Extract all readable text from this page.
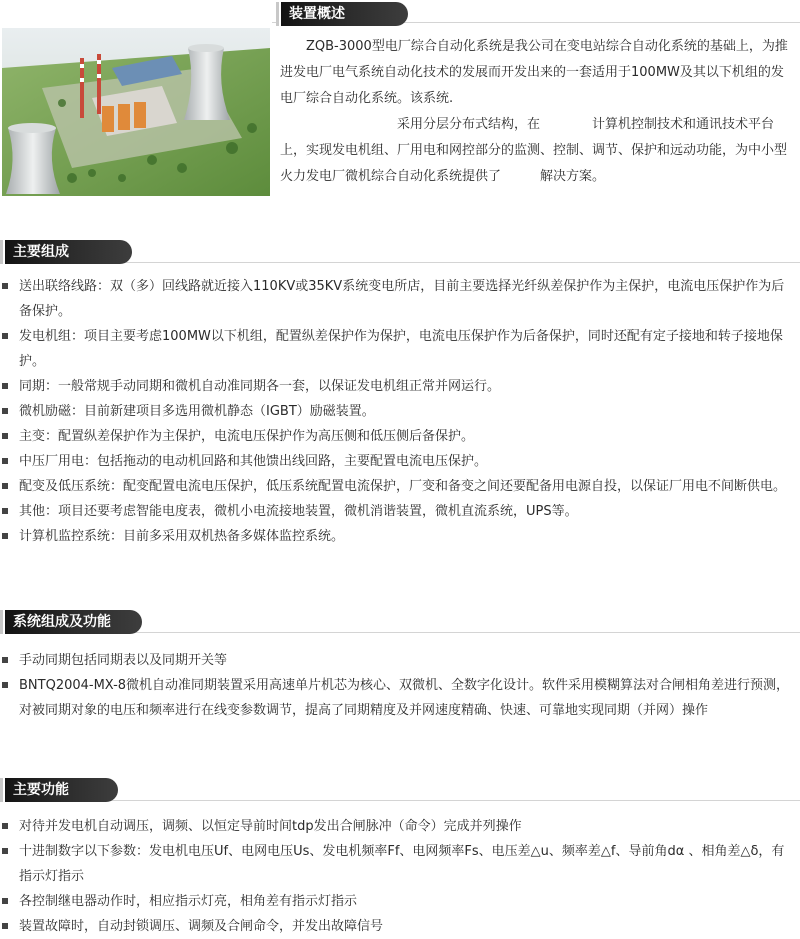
装置概述

　　ZQB-3000型电厂综合自动化系统是我公司在变电站综合自动化系统的基础上，为推进发电厂电气系统自动化技术的发展而开发出来的一套适用于100MW及其以下机组的发电厂综合自动化系统。该系统.
　　　　　　　　　采用分层分布式结构，在　　　　计算机控制技术和通讯技术平台上，实现发电机组、厂用电和网控部分的监测、控制、调节、保护和远动功能，为中小型火力发电厂微机综合自动化系统提供了　　　解决方案。

主要组成
送出联络线路：双（多）回线路就近接入110KV或35KV系统变电所店，目前主要选择光纤纵差保护作为主保护，电流电压保护作为后备保护。
发电机组：项目主要考虑100MW以下机组，配置纵差保护作为保护，电流电压保护作为后备保护，同时还配有定子接地和转子接地保护。
同期：一般常规手动同期和微机自动准同期各一套，以保证发电机组正常并网运行。
微机励磁：目前新建项目多选用微机静态（IGBT）励磁装置。
主变：配置纵差保护作为主保护，电流电压保护作为高压侧和低压侧后备保护。
中压厂用电：包括拖动的电动机回路和其他馈出线回路，主要配置电流电压保护。
配变及低压系统：配变配置电流电压保护，低压系统配置电流保护，厂变和备变之间还要配备用电源自投，以保证厂用电不间断供电。
其他：项目还要考虑智能电度表，微机小电流接地装置，微机消谐装置，微机直流系统，UPS等。
计算机监控系统：目前多采用双机热备多媒体监控系统。
系统组成及功能
手动同期包括同期表以及同期开关等
BNTQ2004-MX-8微机自动准同期装置采用高速单片机芯为核心、双微机、全数字化设计。软件采用模糊算法对合闸相角差进行预测，对被同期对象的电压和频率进行在线变参数调节，提高了同期精度及并网速度精确、快速、可靠地实现同期（并网）操作
主要功能
对待并发电机自动调压，调频、以恒定导前时间tdp发出合闸脉冲（命令）完成并列操作
十进制数字以下参数：发电机电压Uf、电网电压Us、发电机频率Ff、电网频率Fs、电压差△u、频率差△f、导前角dα 、相角差△δ，有指示灯指示
各控制继电器动作时，相应指示灯亮，相角差有指示灯指示
装置故障时，自动封锁调压、调频及合闸命令，并发出故障信号
